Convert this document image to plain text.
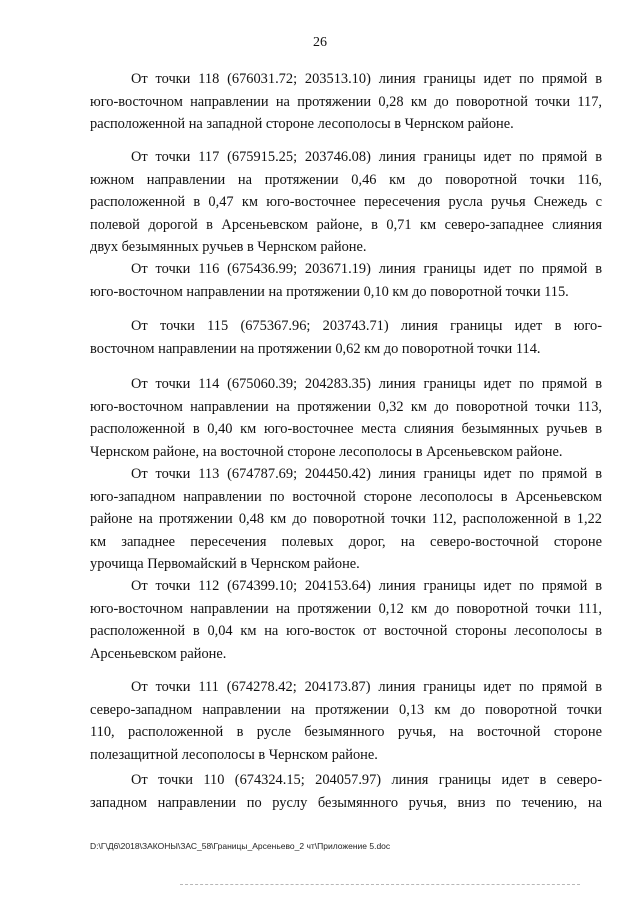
26
От точки 118 (676031.72; 203513.10) линия границы идет по прямой в
юго-восточном направлении на протяжении 0,28 км до поворотной точки 117,
расположенной на западной стороне лесополосы в Чернском районе.
От точки 117 (675915.25; 203746.08) линия границы идет по прямой в
южном направлении на протяжении 0,46 км до поворотной точки 116,
расположенной в 0,47 км юго-восточнее пересечения русла ручья Снежедь с
полевой дорогой в Арсеньевском районе, в 0,71 км северо-западнее слияния
двух безымянных ручьев в Чернском районе.
От точки 116 (675436.99; 203671.19) линия границы идет по прямой в
юго-восточном направлении на протяжении 0,10 км до поворотной точки 115.
От точки 115 (675367.96; 203743.71) линия границы идет в юго-
восточном направлении на протяжении 0,62 км до поворотной точки 114.
От точки 114 (675060.39; 204283.35) линия границы идет по прямой в
юго-восточном направлении на протяжении 0,32 км до поворотной точки 113,
расположенной в 0,40 км юго-восточнее места слияния безымянных ручьев в
Чернском районе, на восточной стороне лесополосы в Арсеньевском районе.
От точки 113 (674787.69; 204450.42) линия границы идет по прямой в
юго-западном направлении по восточной стороне лесополосы в Арсеньевском
районе на протяжении 0,48 км до поворотной точки 112, расположенной в 1,22
км западнее пересечения полевых дорог, на северо-восточной стороне
урочища Первомайский в Чернском районе.
От точки 112 (674399.10; 204153.64) линия границы идет по прямой в
юго-восточном направлении на протяжении 0,12 км до поворотной точки 111,
расположенной в 0,04 км на юго-восток от восточной стороны лесополосы в
Арсеньевском районе.
От точки 111 (674278.42; 204173.87) линия границы идет по прямой в
северо-западном направлении на протяжении 0,13 км до поворотной точки
110, расположенной в русле безымянного ручья, на восточной стороне
полезащитной лесополосы в Чернском районе.
От точки 110 (674324.15; 204057.97) линия границы идет в северо-
западном направлении по руслу безымянного ручья, вниз по течению, на
D:\Г\Д6\2018\ЗАКОНЫ\ЗАС_58\Границы_Арсеньево_2 чт\Приложение 5.doc
